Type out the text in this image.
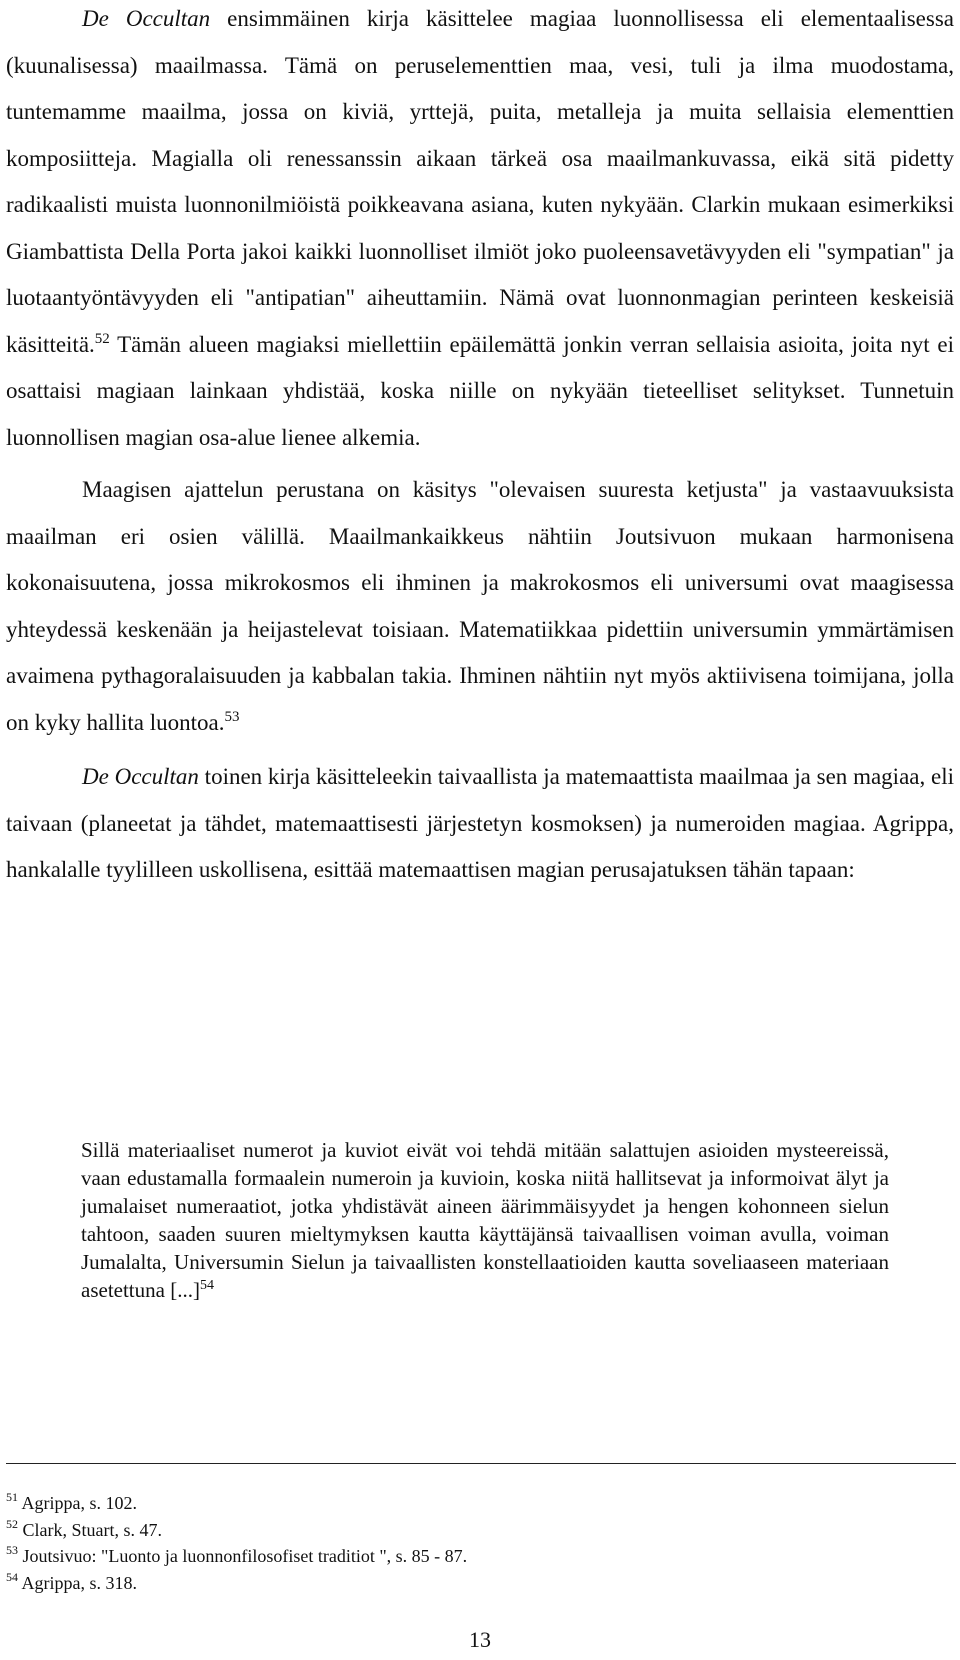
De Occultan ensimmäinen kirja käsittelee magiaa luonnollisessa eli elementaalisessa (kuunalisessa) maailmassa. Tämä on peruselementtien maa, vesi, tuli ja ilma muodostama, tuntemamme maailma, jossa on kiviä, yrttejä, puita, metalleja ja muita sellaisia elementtien komposiitteja. Magialla oli renessanssin aikaan tärkeä osa maailmankuvassa, eikä sitä pidetty radikaalisti muista luonnonilmiöistä poikkeavana asiana, kuten nykyään. Clarkin mukaan esimerkiksi Giambattista Della Porta jakoi kaikki luonnolliset ilmiöt joko puoleensavetävyyden eli "sympatian" ja luotaantyöntävyyden eli "antipatian" aiheuttamiin. Nämä ovat luonnonmagian perinteen keskeisiä käsitteitä.$^{52}$ Tämän alueen magiaksi miellettiin epäilemättä jonkin verran sellaisia asioita, joita nyt ei osattaisi magiaan lainkaan yhdistää, koska niille on nykyään tieteelliset selitykset. Tunnetuin luonnollisen magian osa-alue lienee alkemia.

Maagisen ajattelun perustana on käsitys "olevaisen suuresta ketjusta" ja vastaavuuksista maailman eri osien välillä. Maailmankaikkeus nähtiin Joutsivuon mukaan harmonisena kokonaisuutena, jossa mikrokosmos eli ihminen ja makrokosmos eli universumi ovat maagisessa yhteydessä keskenään ja heijastelevat toisiaan. Matematiikkaa pidettiin universumin ymmärtämisen avaimena pythagoralaisuuden ja kabbalan takia. Ihminen nähtiin nyt myös aktiivisena toimijana, jolla on kyky hallita luontoa.$^{53}$

De Occultan toinen kirja käsitteleekin taivaallista ja matemaattista maailmaa ja sen magiaa, eli taivaan (planeetat ja tähdet, matemaattisesti järjestetyn kosmoksen) ja numeroiden magiaa. Agrippa, hankalalle tyylilleen uskollisena, esittää matemaattisen magian perusajatuksen tähän tapaan:

Sillä materiaaliset numerot ja kuviot eivät voi tehdä mitään salattujen asioiden mysteereissä, vaan edustamalla formaalein numeroin ja kuvioin, koska niitä hallitsevat ja informoivat älyt ja jumalaiset numeraatiot, jotka yhdistävät aineen äärimmäisyydet ja hengen kohonneen sielun tahtoon, saaden suuren mieltymyksen kautta käyttäjänsä taivaallisen voiman avulla, voiman Jumalalta, Universumin Sielun ja taivaallisten konstellaatioiden kautta soveliaaseen materiaan asetettuna [...]$^{54}$

$^{51}$ Agrippa, s. 102.

$^{52}$ Clark, Stuart, s. 47.

$^{53}$ Joutsivuo: "Luonto ja luonnonfilosofiset traditiot ", s. 85 - 87.

$^{54}$ Agrippa, s. 318.

13
